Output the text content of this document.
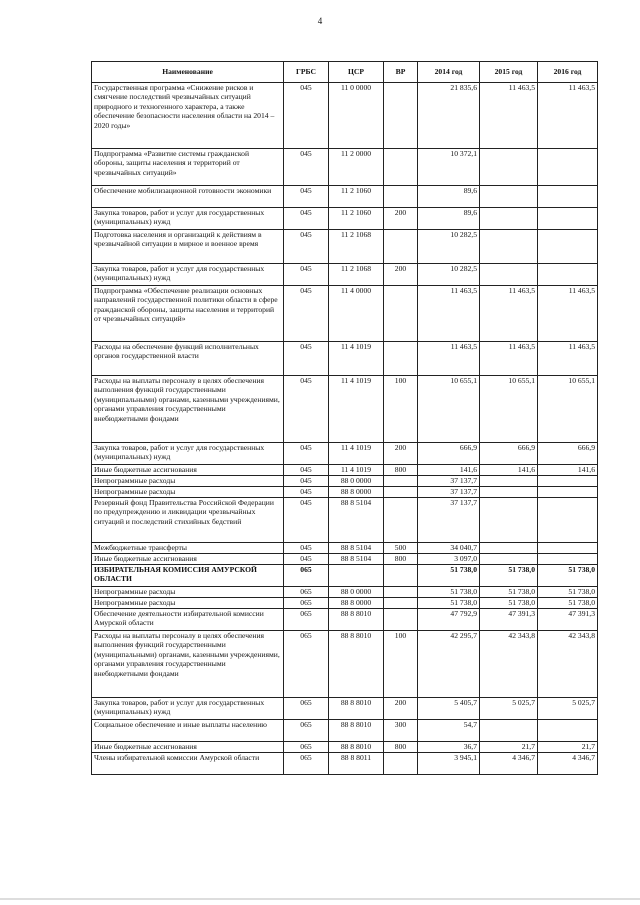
4
Наименование	ГРБС	ЦСР	ВР	2014 год	2015 год	2016 год
Государственная программа «Снижение рисков и смягчение последствий чрезвычайных ситуаций природного и техногенного характера, а также обеспечение безопасности населения области на 2014 – 2020 годы»	045	11 0 0000		21 835,6	11 463,5	11 463,5
Подпрограмма «Развитие системы гражданской обороны, защиты населения и территорий от чрезвычайных ситуаций»	045	11 2 0000		10 372,1		
Обеспечение мобилизационной готовности экономики	045	11 2 1060		89,6		
Закупка товаров, работ и услуг для государственных (муниципальных) нужд	045	11 2 1060	200	89,6		
Подготовка населения и организаций к действиям в чрезвычайной ситуации в мирное и военное время	045	11 2 1068		10 282,5		
Закупка товаров, работ и услуг для государственных (муниципальных) нужд	045	11 2 1068	200	10 282,5		
Подпрограмма «Обеспечение реализации основных направлений государственной политики области в сфере гражданской обороны, защиты населения и территорий от чрезвычайных ситуаций»	045	11 4 0000		11 463,5	11 463,5	11 463,5
Расходы на обеспечение функций исполнительных органов государственной власти	045	11 4 1019		11 463,5	11 463,5	11 463,5
Расходы на выплаты персоналу в целях обеспечения выполнения функций государственными (муниципальными) органами, казенными учреждениями, органами управления государственными внебюджетными фондами	045	11 4 1019	100	10 655,1	10 655,1	10 655,1
Закупка товаров, работ и услуг для государственных (муниципальных) нужд	045	11 4 1019	200	666,9	666,9	666,9
Иные бюджетные ассигнования	045	11 4 1019	800	141,6	141,6	141,6
Непрограммные расходы	045	88 0 0000		37 137,7		
Непрограммные расходы	045	88 8 0000		37 137,7		
Резервный фонд Правительства Российской Федерации по предупреждению и ликвидации чрезвычайных ситуаций и последствий стихийных бедствий	045	88 8 5104		37 137,7		
Межбюджетные трансферты	045	88 8 5104	500	34 040,7		
Иные бюджетные ассигнования	045	88 8 5104	800	3 097,0		
ИЗБИРАТЕЛЬНАЯ КОМИССИЯ АМУРСКОЙ ОБЛАСТИ	065			51 738,0	51 738,0	51 738,0
Непрограммные расходы	065	88 0 0000		51 738,0	51 738,0	51 738,0
Непрограммные расходы	065	88 8 0000		51 738,0	51 738,0	51 738,0
Обеспечение деятельности избирательной комиссии Амурской области	065	88 8 8010		47 792,9	47 391,3	47 391,3
Расходы на выплаты персоналу в целях обеспечения выполнения функций государственными (муниципальными) органами, казенными учреждениями, органами управления государственными внебюджетными фондами	065	88 8 8010	100	42 295,7	42 343,8	42 343,8
Закупка товаров, работ и услуг для государственных (муниципальных) нужд	065	88 8 8010	200	5 405,7	5 025,7	5 025,7
Социальное обеспечение и иные выплаты населению	065	88 8 8010	300	54,7		
Иные бюджетные ассигнования	065	88 8 8010	800	36,7	21,7	21,7
Члены избирательной комиссии Амурской области	065	88 8 8011		3 945,1	4 346,7	4 346,7
